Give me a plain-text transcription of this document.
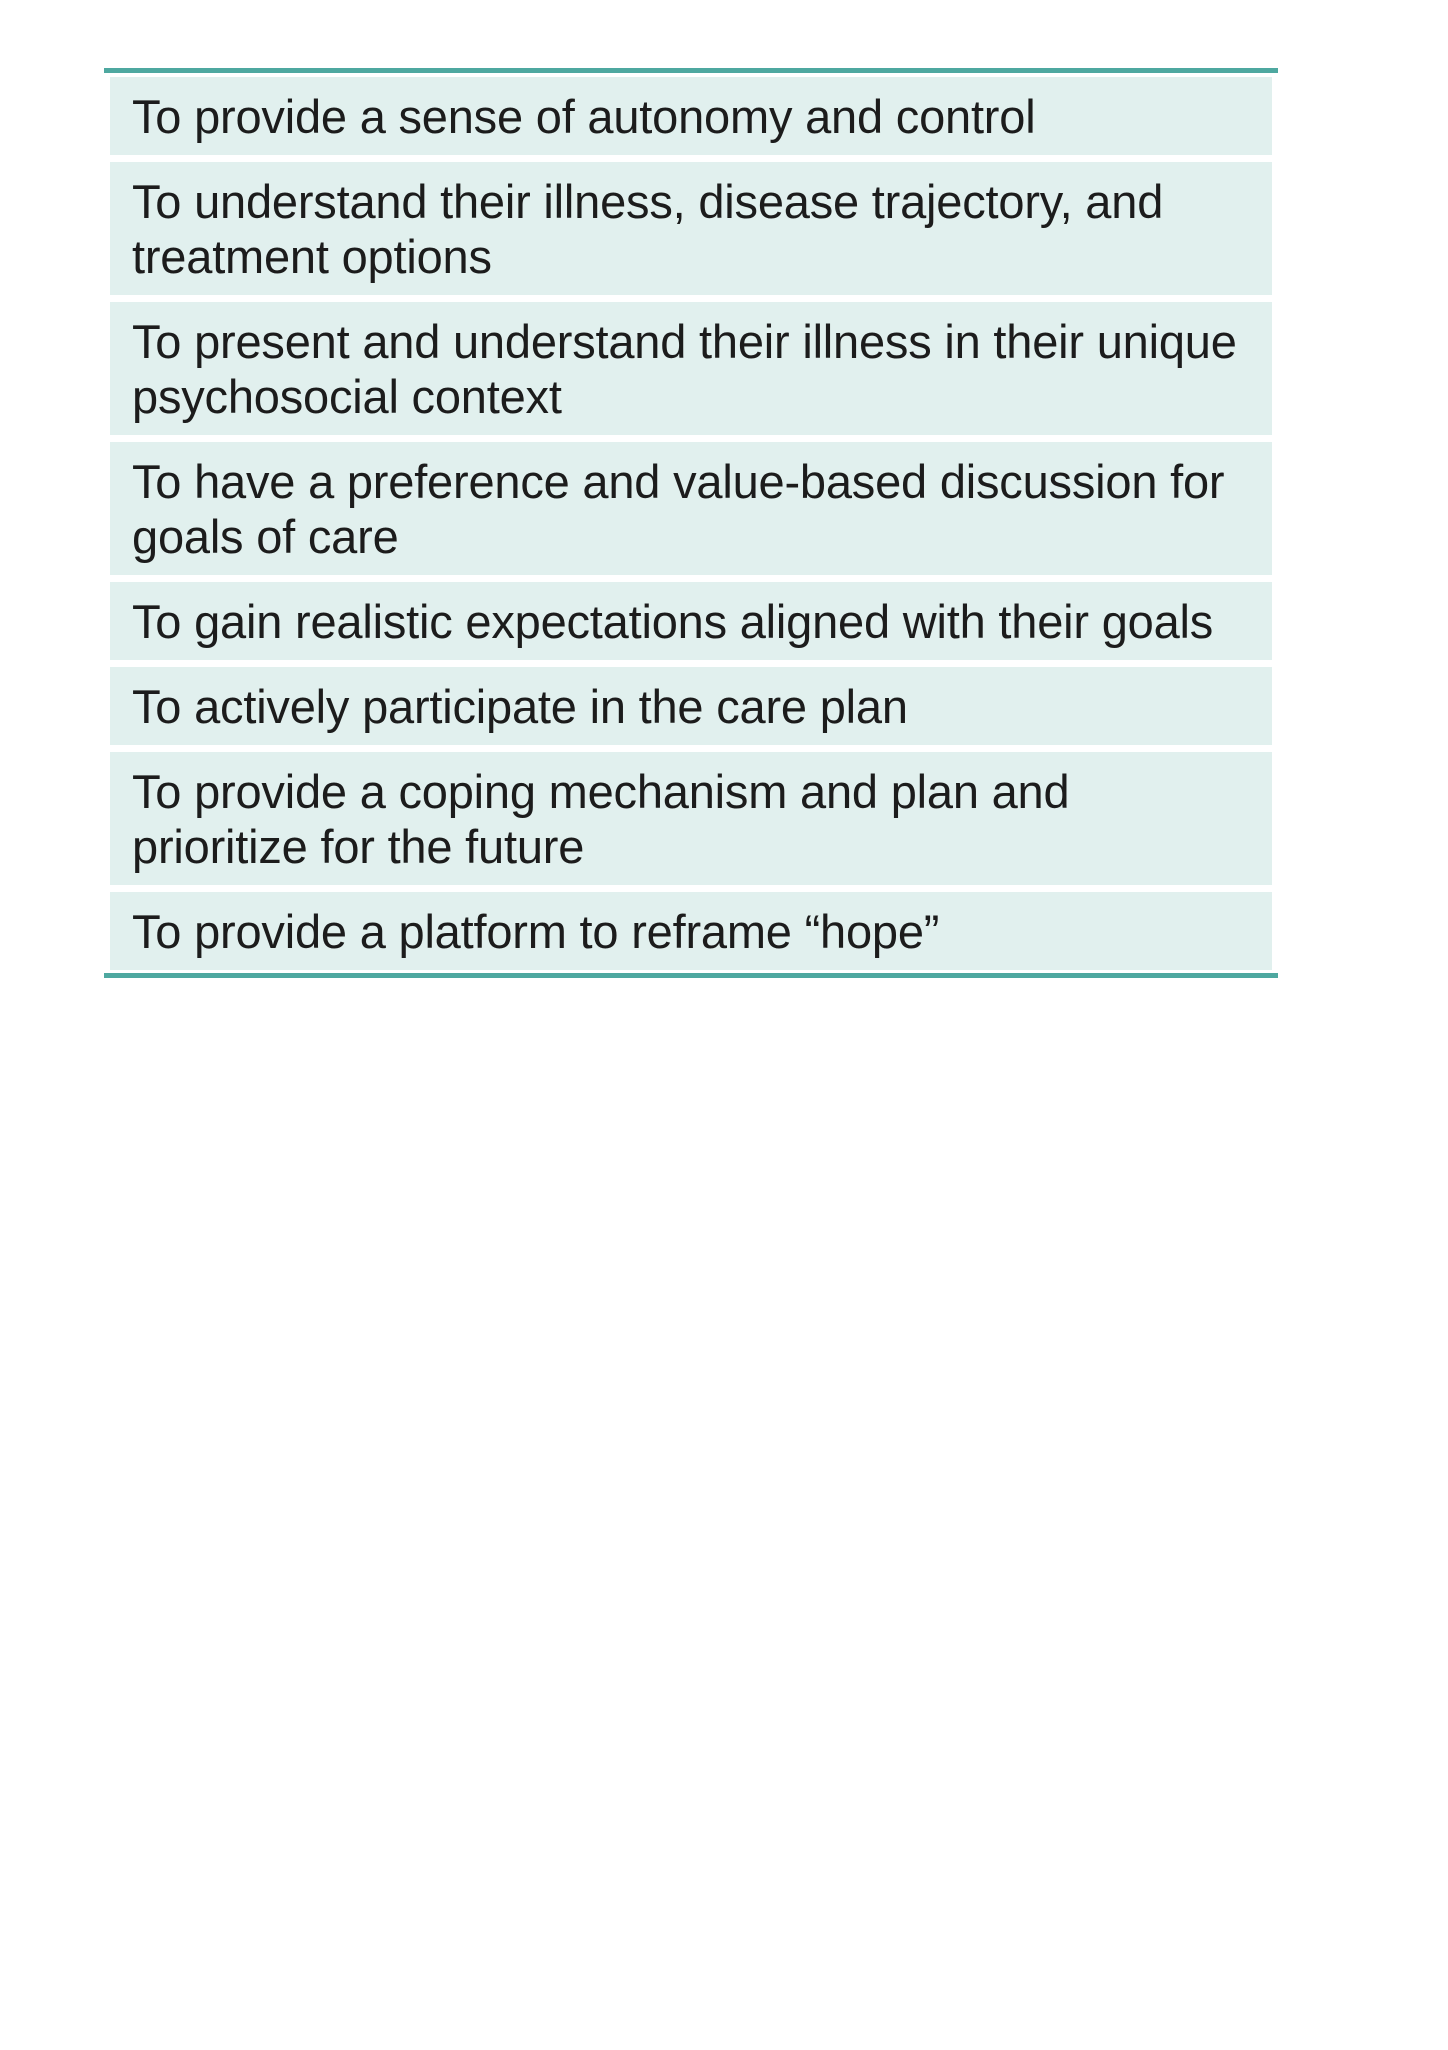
To provide a sense of autonomy and control
To understand their illness, disease trajectory, and treatment options
To present and understand their illness in their unique psychosocial context
To have a preference and value-based discussion for goals of care
To gain realistic expectations aligned with their goals
To actively participate in the care plan
To provide a coping mechanism and plan and prioritize for the future
To provide a platform to reframe “hope”
